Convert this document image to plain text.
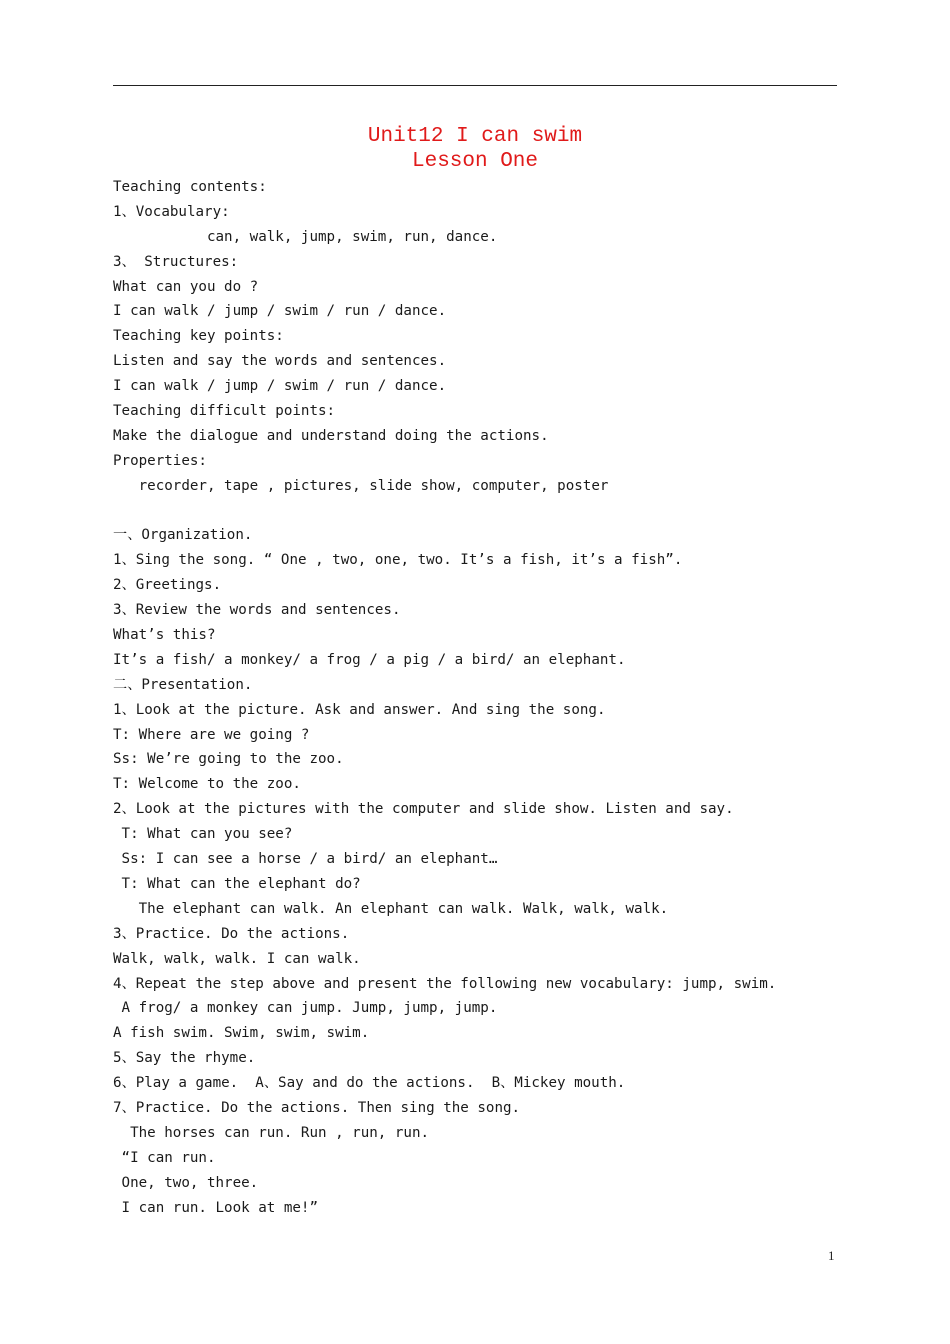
Unit12 I can swim
Lesson One
Teaching contents:
1、Vocabulary:
can, walk, jump, swim, run, dance.
3、 Structures:
What can you do ?
I can walk / jump / swim / run / dance.
Teaching key points:
Listen and say the words and sentences.
I can walk / jump / swim / run / dance.
Teaching difficult points:
Make the dialogue and understand doing the actions.
Properties:
recorder, tape , pictures, slide show, computer, poster
一、Organization.
1、Sing the song. “ One , two, one, two. It’s a fish, it’s a fish”.
2、Greetings.
3、Review the words and sentences.
What’s this?
It’s a fish/ a monkey/ a frog / a pig / a bird/ an elephant.
二、Presentation.
1、Look at the picture. Ask and answer. And sing the song.
T: Where are we going ?
Ss: We’re going to the zoo.
T: Welcome to the zoo.
2、Look at the pictures with the computer and slide show. Listen and say.
T: What can you see?
Ss: I can see a horse / a bird/ an elephant…
T: What can the elephant do?
The elephant can walk. An elephant can walk. Walk, walk, walk.
3、Practice. Do the actions.
Walk, walk, walk. I can walk.
4、Repeat the step above and present the following new vocabulary: jump, swim.
A frog/ a monkey can jump. Jump, jump, jump.
A fish swim. Swim, swim, swim.
5、Say the rhyme.
6、Play a game.  A、Say and do the actions.  B、Mickey mouth.
7、Practice. Do the actions. Then sing the song.
The horses can run. Run , run, run.
“I can run.
One, two, three.
I can run. Look at me!”
1
